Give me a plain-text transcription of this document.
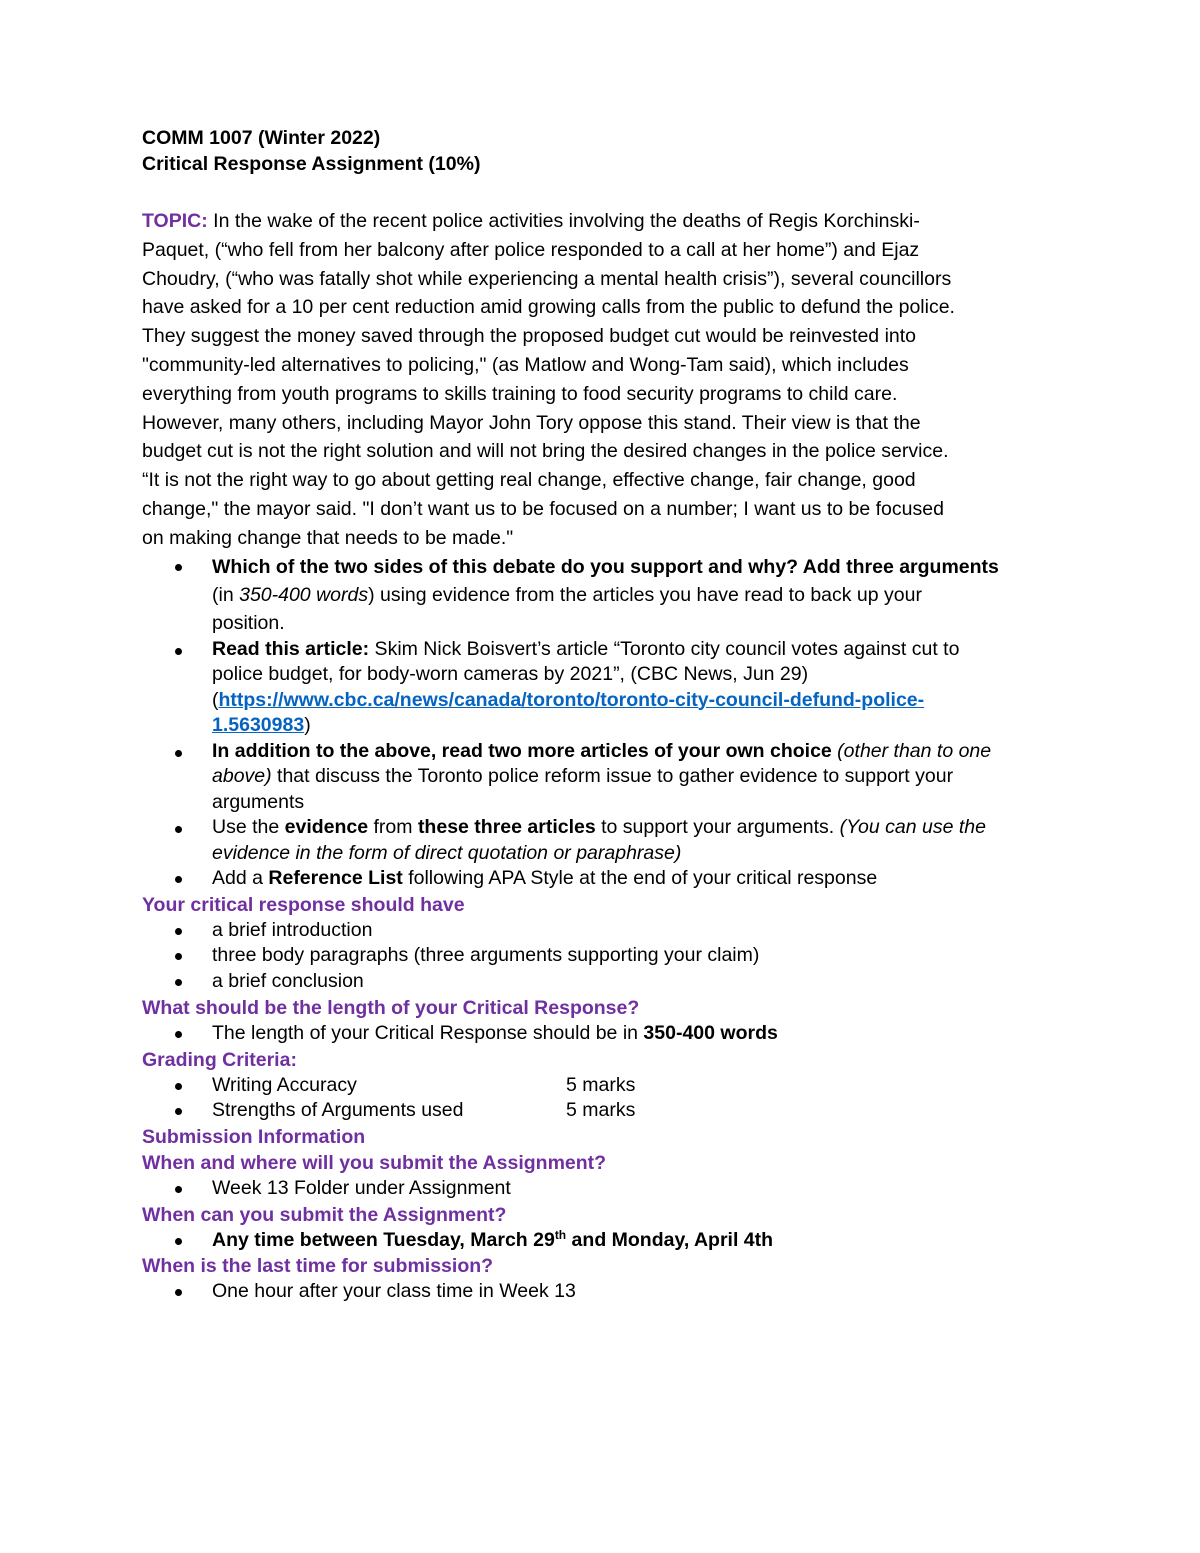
COMM 1007 (Winter 2022)
Critical Response Assignment (10%)
TOPIC: In the wake of the recent police activities involving the deaths of Regis Korchinski-
Paquet, (“who fell from her balcony after police responded to a call at her home”) and Ejaz
Choudry, (“who was fatally shot while experiencing a mental health crisis”), several councillors
have asked for a 10 per cent reduction amid growing calls from the public to defund the police.
They suggest the money saved through the proposed budget cut would be reinvested into
"community-led alternatives to policing," (as Matlow and Wong-Tam said), which includes
everything from youth programs to skills training to food security programs to child care.
However, many others, including Mayor John Tory oppose this stand. Their view is that the
budget cut is not the right solution and will not bring the desired changes in the police service.
“It is not the right way to go about getting real change, effective change, fair change, good
change," the mayor said. "I don’t want us to be focused on a number; I want us to be focused
on making change that needs to be made."
Which of the two sides of this debate do you support and why? Add three arguments
(in 350-400 words) using evidence from the articles you have read to back up your
position.
Read this article: Skim Nick Boisvert’s article “Toronto city council votes against cut to
police budget, for body-worn cameras by 2021”, (CBC News, Jun 29)
(https://www.cbc.ca/news/canada/toronto/toronto-city-council-defund-police-
1.5630983)
In addition to the above, read two more articles of your own choice (other than to one
above) that discuss the Toronto police reform issue to gather evidence to support your
arguments
Use the evidence from these three articles to support your arguments. (You can use the
evidence in the form of direct quotation or paraphrase)
Add a Reference List following APA Style at the end of your critical response
Your critical response should have
a brief introduction
three body paragraphs (three arguments supporting your claim)
a brief conclusion
What should be the length of your Critical Response?
The length of your Critical Response should be in 350-400 words
Grading Criteria:
Writing Accuracy	5 marks
Strengths of Arguments used	5 marks
Submission Information
When and where will you submit the Assignment?
Week 13 Folder under Assignment
When can you submit the Assignment?
Any time between Tuesday, March 29th and Monday, April 4th
When is the last time for submission?
One hour after your class time in Week 13
